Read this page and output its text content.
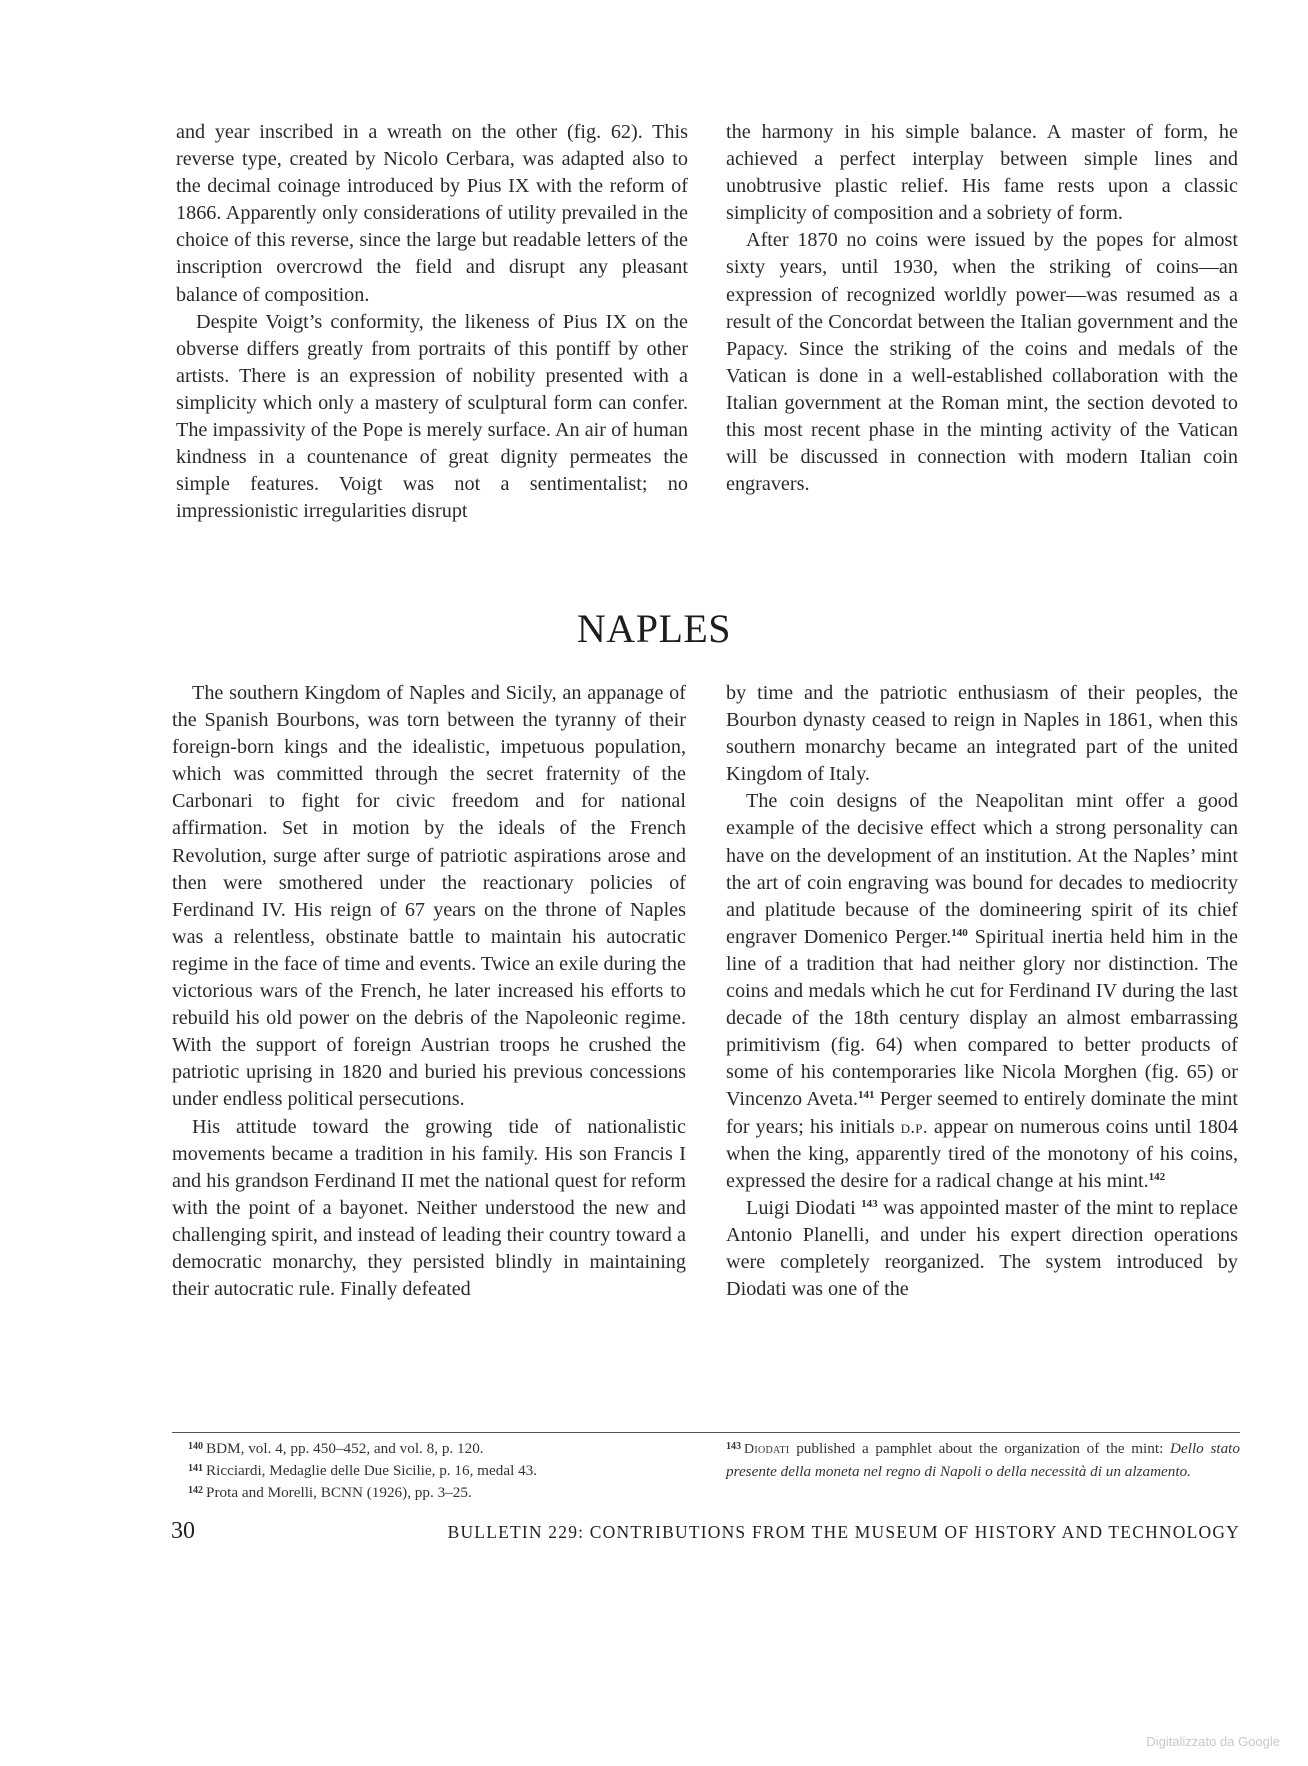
and year inscribed in a wreath on the other (fig. 62). This reverse type, created by Nicolo Cerbara, was adapted also to the decimal coinage introduced by Pius IX with the reform of 1866. Apparently only considerations of utility prevailed in the choice of this reverse, since the large but readable letters of the inscription overcrowd the field and disrupt any pleasant balance of composition.

Despite Voigt’s conformity, the likeness of Pius IX on the obverse differs greatly from portraits of this pontiff by other artists. There is an expression of nobility presented with a simplicity which only a mastery of sculptural form can confer. The impassivity of the Pope is merely surface. An air of human kindness in a countenance of great dignity permeates the simple features. Voigt was not a sentimentalist; no impressionistic irregularities disrupt

the harmony in his simple balance. A master of form, he achieved a perfect interplay between simple lines and unobtrusive plastic relief. His fame rests upon a classic simplicity of composition and a sobriety of form.

After 1870 no coins were issued by the popes for almost sixty years, until 1930, when the striking of coins—an expression of recognized worldly power—was resumed as a result of the Concordat between the Italian government and the Papacy. Since the striking of the coins and medals of the Vatican is done in a well-established collaboration with the Italian government at the Roman mint, the section devoted to this most recent phase in the minting activity of the Vatican will be discussed in connection with modern Italian coin engravers.

NAPLES

The southern Kingdom of Naples and Sicily, an appanage of the Spanish Bourbons, was torn between the tyranny of their foreign-born kings and the idealistic, impetuous population, which was committed through the secret fraternity of the Carbonari to fight for civic freedom and for national affirmation. Set in motion by the ideals of the French Revolution, surge after surge of patriotic aspirations arose and then were smothered under the reactionary policies of Ferdinand IV. His reign of 67 years on the throne of Naples was a relentless, obstinate battle to maintain his autocratic regime in the face of time and events. Twice an exile during the victorious wars of the French, he later increased his efforts to rebuild his old power on the debris of the Napoleonic regime. With the support of foreign Austrian troops he crushed the patriotic uprising in 1820 and buried his previous concessions under endless political persecutions.

His attitude toward the growing tide of nationalistic movements became a tradition in his family. His son Francis I and his grandson Ferdinand II met the national quest for reform with the point of a bayonet. Neither understood the new and challenging spirit, and instead of leading their country toward a democratic monarchy, they persisted blindly in maintaining their autocratic rule. Finally defeated

by time and the patriotic enthusiasm of their peoples, the Bourbon dynasty ceased to reign in Naples in 1861, when this southern monarchy became an integrated part of the united Kingdom of Italy.

The coin designs of the Neapolitan mint offer a good example of the decisive effect which a strong personality can have on the development of an institution. At the Naples’ mint the art of coin engraving was bound for decades to mediocrity and platitude because of the domineering spirit of its chief engraver Domenico Perger.$^{140}$ Spiritual inertia held him in the line of a tradition that had neither glory nor distinction. The coins and medals which he cut for Ferdinand IV during the last decade of the 18th century display an almost embarrassing primitivism (fig. 64) when compared to better products of some of his contemporaries like Nicola Morghen (fig. 65) or Vincenzo Aveta.$^{141}$ Perger seemed to entirely dominate the mint for years; his initials d.p. appear on numerous coins until 1804 when the king, apparently tired of the monotony of his coins, expressed the desire for a radical change at his mint.$^{142}$

Luigi Diodati $^{143}$ was appointed master of the mint to replace Antonio Planelli, and under his expert direction operations were completely reorganized. The system introduced by Diodati was one of the

$^{140}$ BDM, vol. 4, pp. 450–452, and vol. 8, p. 120.
$^{141}$ Ricciardi, Medaglie delle Due Sicilie, p. 16, medal 43.
$^{142}$ Prota and Morelli, BCNN (1926), pp. 3–25.
$^{143}$ Diodati published a pamphlet about the organization of the mint: Dello stato presente della moneta nel regno di Napoli o della necessità di un alzamento.
30	BULLETIN 229: CONTRIBUTIONS FROM THE MUSEUM OF HISTORY AND TECHNOLOGY
Digitalizzato da Google
